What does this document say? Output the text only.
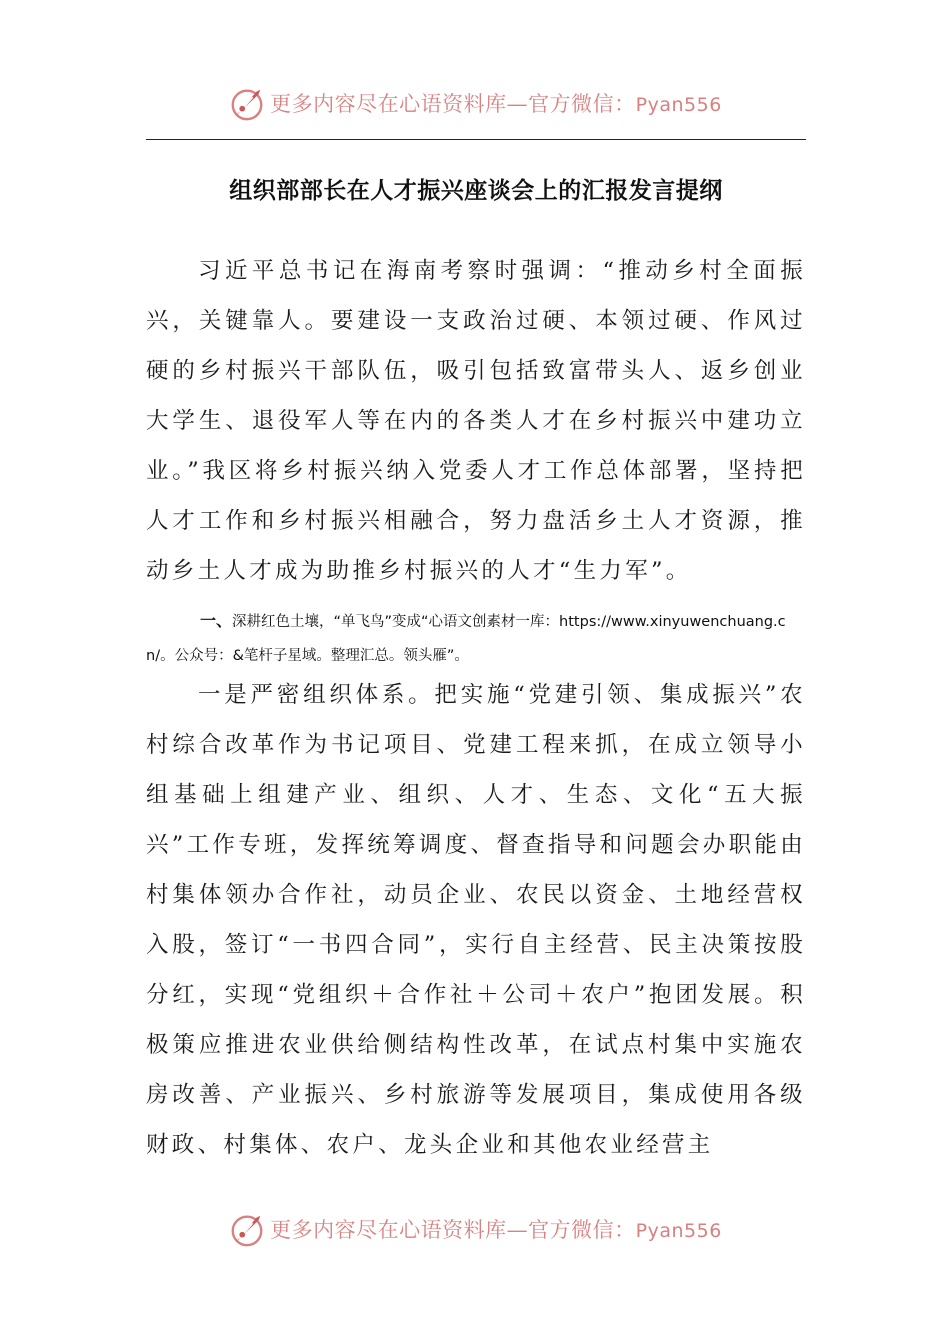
更多内容尽在心语资料库—官方微信：Pyan556
组织部部长在人才振兴座谈会上的汇报发言提纲
习近平总书记在海南考察时强调：“推动乡村全面振兴，关键靠人。要建设一支政治过硬、本领过硬、作风过硬的乡村振兴干部队伍，吸引包括致富带头人、返乡创业大学生、退役军人等在内的各类人才在乡村振兴中建功立业。”我区将乡村振兴纳入党委人才工作总体部署，坚持把人才工作和乡村振兴相融合，努力盘活乡土人才资源，推动乡土人才成为助推乡村振兴的人才“生力军”。
一、深耕红色土壤，“单飞鸟”变成“心语文创素材一库：https://www.xinyuwenchuang.cn/。公众号：&笔杆子星域。整理汇总。领头雁”。
一是严密组织体系。把实施“党建引领、集成振兴”农村综合改革作为书记项目、党建工程来抓，在成立领导小组基础上组建产业、组织、人才、生态、文化“五大振兴”工作专班，发挥统筹调度、督查指导和问题会办职能由村集体领办合作社，动员企业、农民以资金、土地经营权入股，签订“一书四合同”，实行自主经营、民主决策按股分红，实现“党组织＋合作社＋公司＋农户”抱团发展。积极策应推进农业供给侧结构性改革，在试点村集中实施农房改善、产业振兴、乡村旅游等发展项目，集成使用各级财政、村集体、农户、龙头企业和其他农业经营主
更多内容尽在心语资料库—官方微信：Pyan556
